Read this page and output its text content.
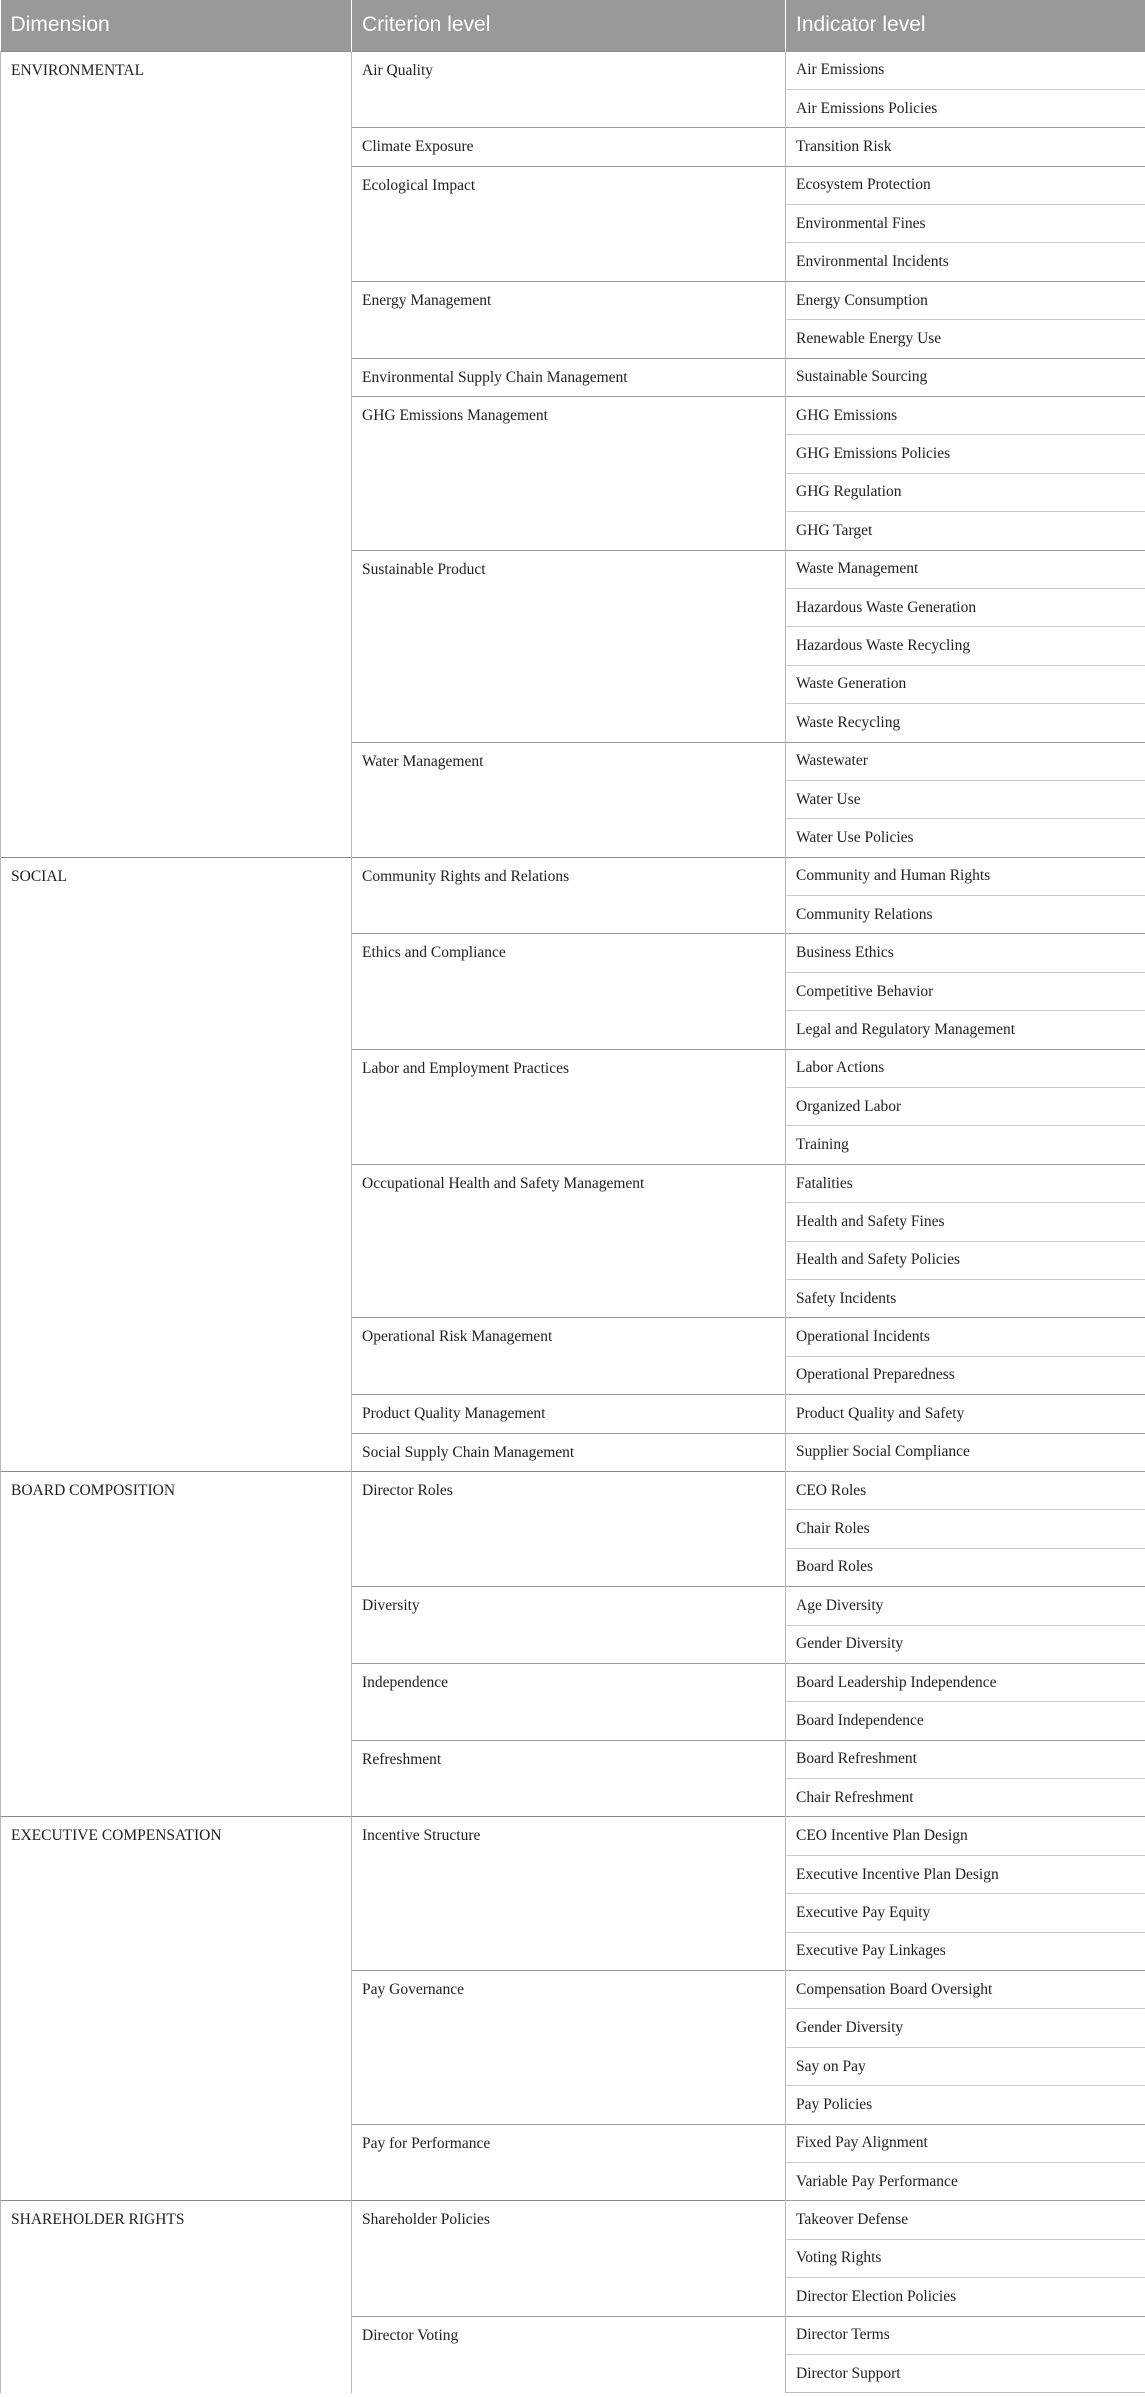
Dimension	Criterion level	Indicator level
ENVIRONMENTAL	Air Quality	Air Emissions
		Air Emissions Policies
	Climate Exposure	Transition Risk
	Ecological Impact	Ecosystem Protection
		Environmental Fines
		Environmental Incidents
	Energy Management	Energy Consumption
		Renewable Energy Use
	Environmental Supply Chain Management	Sustainable Sourcing
	GHG Emissions Management	GHG Emissions
		GHG Emissions Policies
		GHG Regulation
		GHG Target
	Sustainable Product	Waste Management
		Hazardous Waste Generation
		Hazardous Waste Recycling
		Waste Generation
		Waste Recycling
	Water Management	Wastewater
		Water Use
		Water Use Policies
SOCIAL	Community Rights and Relations	Community and Human Rights
		Community Relations
	Ethics and Compliance	Business Ethics
		Competitive Behavior
		Legal and Regulatory Management
	Labor and Employment Practices	Labor Actions
		Organized Labor
		Training
	Occupational Health and Safety Management	Fatalities
		Health and Safety Fines
		Health and Safety Policies
		Safety Incidents
	Operational Risk Management	Operational Incidents
		Operational Preparedness
	Product Quality Management	Product Quality and Safety
	Social Supply Chain Management	Supplier Social Compliance
BOARD COMPOSITION	Director Roles	CEO Roles
		Chair Roles
		Board Roles
	Diversity	Age Diversity
		Gender Diversity
	Independence	Board Leadership Independence
		Board Independence
	Refreshment	Board Refreshment
		Chair Refreshment
EXECUTIVE COMPENSATION	Incentive Structure	CEO Incentive Plan Design
		Executive Incentive Plan Design
		Executive Pay Equity
		Executive Pay Linkages
	Pay Governance	Compensation Board Oversight
		Gender Diversity
		Say on Pay
		Pay Policies
	Pay for Performance	Fixed Pay Alignment
		Variable Pay Performance
SHAREHOLDER RIGHTS	Shareholder Policies	Takeover Defense
		Voting Rights
		Director Election Policies
	Director Voting	Director Terms
		Director Support
